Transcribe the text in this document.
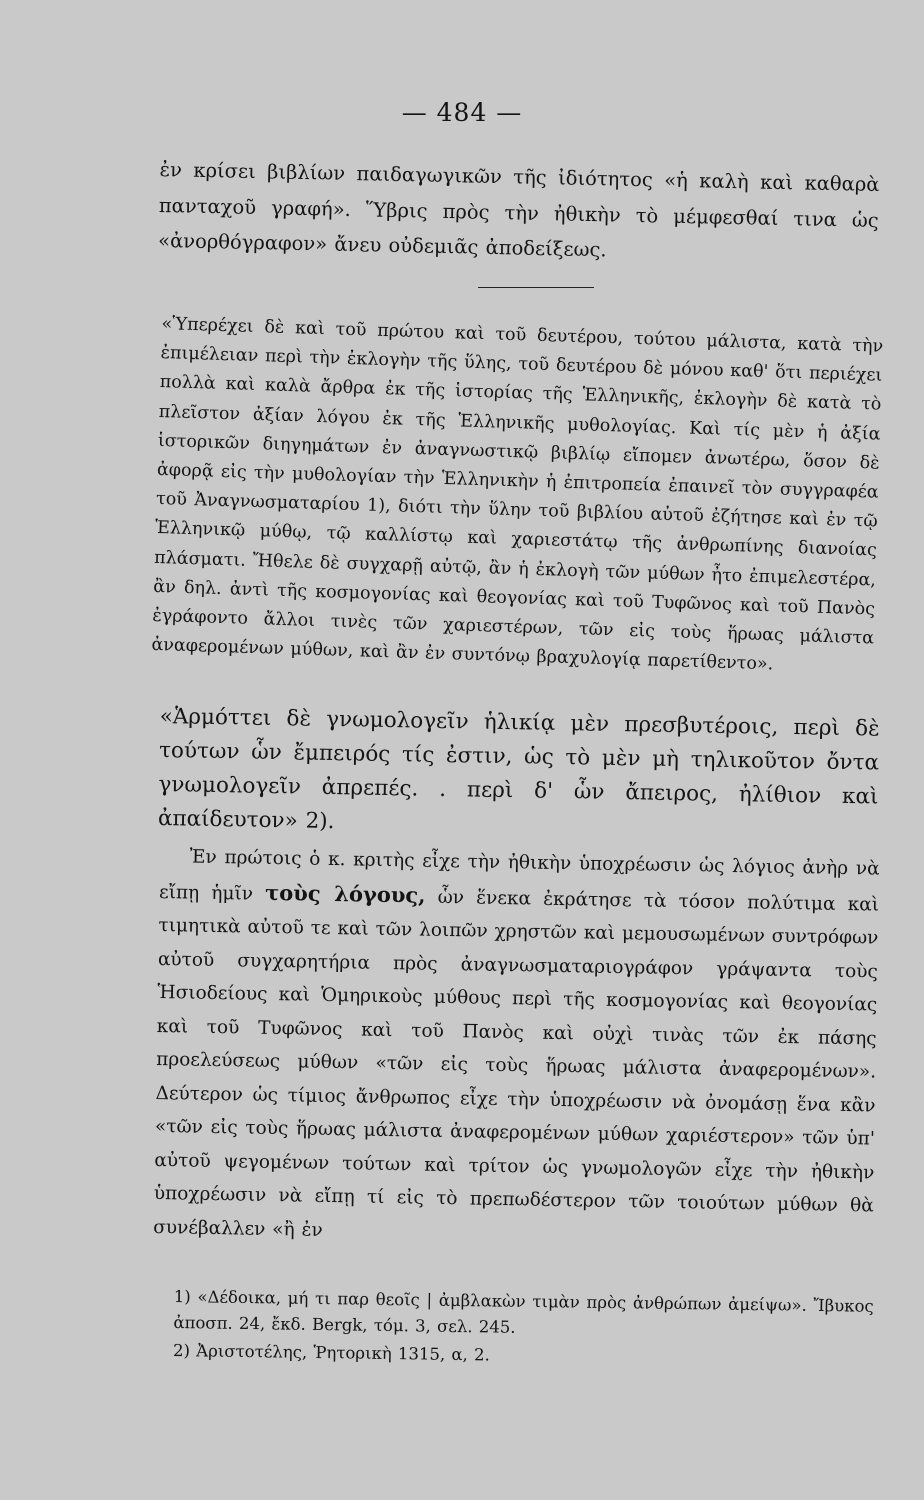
— 484 —

ἐν κρίσει βιβλίων παιδαγωγικῶν τῆς ἰδιότητος «ἡ καλὴ καὶ καθαρὰ πανταχοῦ γραφή». Ὕβρις πρὸς τὴν ἠθικὴν τὸ μέμφεσθαί τινα ὡς «ἀνορθόγραφον» ἄνευ οὐδεμιᾶς ἀποδείξεως.

«Ὑπερέχει δὲ καὶ τοῦ πρώτου καὶ τοῦ δευτέρου, τούτου μάλιστα, κατὰ τὴν ἐπιμέλειαν περὶ τὴν ἐκλογὴν τῆς ὕλης, τοῦ δευτέρου δὲ μόνου καθ' ὅτι περιέχει πολλὰ καὶ καλὰ ἄρθρα ἐκ τῆς ἱστορίας τῆς Ἑλληνικῆς, ἐκλογὴν δὲ κατὰ τὸ πλεῖστον ἀξίαν λόγου ἐκ τῆς Ἑλληνικῆς μυθολογίας. Καὶ τίς μὲν ἡ ἀξία ἱστορικῶν διηγημάτων ἐν ἀναγνωστικῷ βιβλίῳ εἴπομεν ἀνωτέρω, ὅσον δὲ ἀφορᾷ εἰς τὴν μυθολογίαν τὴν Ἑλληνικὴν ἡ ἐπιτροπεία ἐπαινεῖ τὸν συγγραφέα τοῦ Ἀναγνωσματαρίου 1), διότι τὴν ὕλην τοῦ βιβλίου αὐτοῦ ἐζήτησε καὶ ἐν τῷ Ἑλληνικῷ μύθῳ, τῷ καλλίστῳ καὶ χαριεστάτῳ τῆς ἀνθρωπίνης διανοίας πλάσματι. Ἤθελε δὲ συγχαρῇ αὐτῷ, ἂν ἡ ἐκλογὴ τῶν μύθων ἦτο ἐπιμελεστέρα, ἂν δηλ. ἀντὶ τῆς κοσμογονίας καὶ θεογονίας καὶ τοῦ Τυφῶνος καὶ τοῦ Πανὸς ἐγράφοντο ἄλλοι τινὲς τῶν χαριεστέρων, τῶν εἰς τοὺς ἥρωας μάλιστα ἀναφερομένων μύθων, καὶ ἂν ἐν συντόνῳ βραχυλογίᾳ παρετίθεντο».

«Ἁρμόττει δὲ γνωμολογεῖν ἡλικίᾳ μὲν πρεσβυτέροις, περὶ δὲ τούτων ὧν ἔμπειρός τίς ἐστιν, ὡς τὸ μὲν μὴ τηλικοῦτον ὄντα γνωμολογεῖν ἀπρεπές. . περὶ δ' ὧν ἄπειρος, ἠλίθιον καὶ ἀπαίδευτον» 2).

Ἐν πρώτοις ὁ κ. κριτὴς εἶχε τὴν ἠθικὴν ὑποχρέωσιν ὡς λόγιος ἀνὴρ νὰ εἴπῃ ἡμῖν τοὺς λόγους, ὧν ἕνεκα ἐκράτησε τὰ τόσον πολύτιμα καὶ τιμητικὰ αὐτοῦ τε καὶ τῶν λοιπῶν χρηστῶν καὶ μεμουσωμένων συντρόφων αὐτοῦ συγχαρητήρια πρὸς ἀναγνωσματαριογράφον γράψαντα τοὺς Ἡσιοδείους καὶ Ὁμηρικοὺς μύθους περὶ τῆς κοσμογονίας καὶ θεογονίας καὶ τοῦ Τυφῶνος καὶ τοῦ Πανὸς καὶ οὐχὶ τινὰς τῶν ἐκ πάσης προελεύσεως μύθων «τῶν εἰς τοὺς ἥρωας μάλιστα ἀναφερομένων». Δεύτερον ὡς τίμιος ἄνθρωπος εἶχε τὴν ὑποχρέωσιν νὰ ὀνομάσῃ ἕνα κἂν «τῶν εἰς τοὺς ἥρωας μάλιστα ἀναφερομένων μύθων χαριέστερον» τῶν ὑπ' αὐτοῦ ψεγομένων τούτων καὶ τρίτον ὡς γνωμολογῶν εἶχε τὴν ἠθικὴν ὑποχρέωσιν νὰ εἴπῃ τί εἰς τὸ πρεπωδέστερον τῶν τοιούτων μύθων θὰ συνέβαλλεν «ἢ ἐν

1) «Δέδοικα, μή τι παρ θεοῖς | ἀμβλακὼν τιμὰν πρὸς ἀνθρώπων ἀμείψω». Ἴβυκος ἀποσπ. 24, ἔκδ. Bergk, τόμ. 3, σελ. 245.

2) Ἀριστοτέλης, Ῥητορικὴ 1315, α, 2.
